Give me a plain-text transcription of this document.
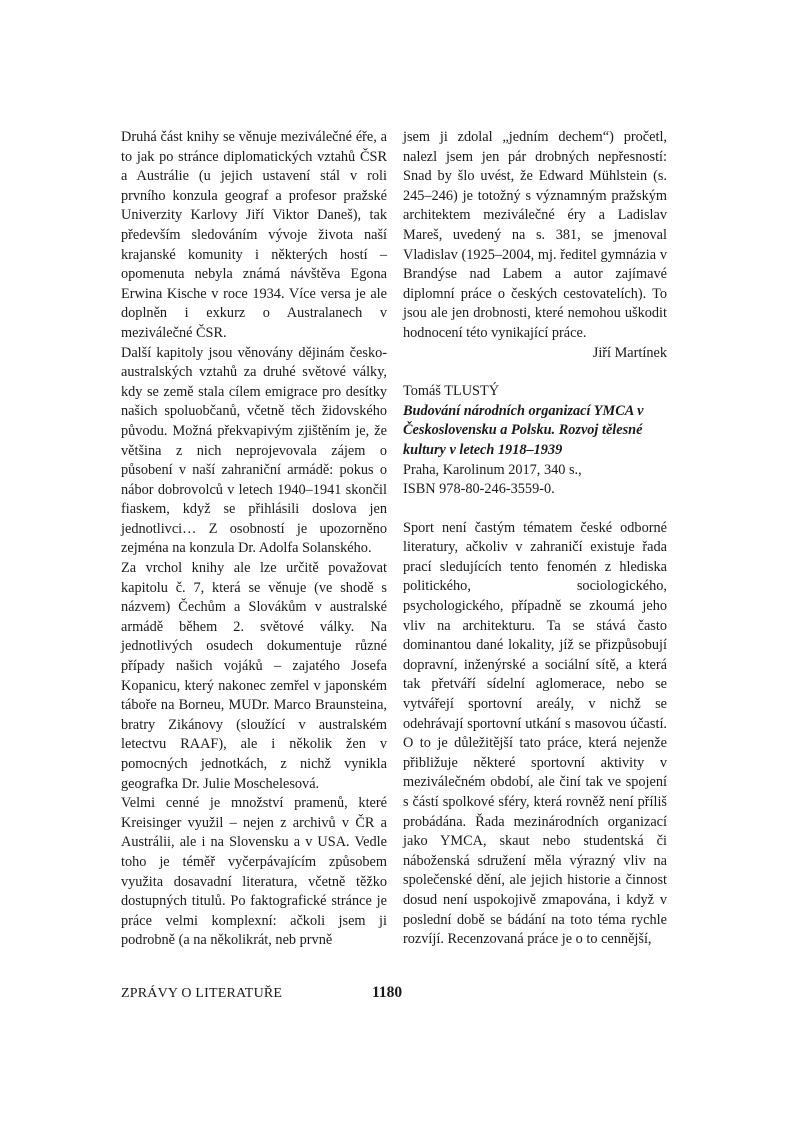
Druhá část knihy se věnuje meziválečné éře, a to jak po stránce diplomatických vztahů ČSR a Austrálie (u jejich ustavení stál v roli prvního konzula geograf a profesor pražské Univerzity Karlovy Jiří Viktor Daneš), tak především sledováním vývoje života naší krajanské komunity i některých hostí – opomenuta nebyla známá návštěva Egona Erwina Kische v roce 1934. Více versa je ale doplněn i exkurz o Australanech v meziválečné ČSR.

Další kapitoly jsou věnovány dějinám česko-australských vztahů za druhé světové války, kdy se země stala cílem emigrace pro desítky našich spoluobčanů, včetně těch židovského původu. Možná překvapivým zjištěním je, že většina z nich neprojevovala zájem o působení v naší zahraniční armádě: pokus o nábor dobrovolců v letech 1940–1941 skončil fiaskem, když se přihlásili doslova jen jednotlivci… Z osobností je upozorněno zejména na konzula Dr. Adolfa Solanského.

Za vrchol knihy ale lze určitě považovat kapitolu č. 7, která se věnuje (ve shodě s názvem) Čechům a Slovákům v australské armádě během 2. světové války. Na jednotlivých osudech dokumentuje různé případy našich vojáků – zajatého Josefa Kopanicu, který nakonec zemřel v japonském táboře na Borneu, MUDr. Marco Braunsteina, bratry Zikánovy (sloužící v australském letectvu RAAF), ale i několik žen v pomocných jednotkách, z nichž vynikla geografka Dr. Julie Moschelesová.

Velmi cenné je množství pramenů, které Kreisinger využil – nejen z archivů v ČR a Austrálii, ale i na Slovensku a v USA. Vedle toho je téměř vyčerpávajícím způsobem využita dosavadní literatura, včetně těžko dostupných titulů. Po faktografické stránce je práce velmi komplexní: ačkoli jsem ji podrobně (a na několikrát, neb prvně

jsem ji zdolal „jedním dechem“) pročetl, nalezl jsem jen pár drobných nepřesností: Snad by šlo uvést, že Edward Mühlstein (s. 245–246) je totožný s významným pražským architektem meziválečné éry a Ladislav Mareš, uvedený na s. 381, se jmenoval Vladislav (1925–2004, mj. ředitel gymnázia v Brandýse nad Labem a autor zajímavé diplomní práce o českých cestovatelích). To jsou ale jen drobnosti, které nemohou uškodit hodnocení této vynikající práce.

Jiří Martínek

Tomáš TLUSTÝ
Budování národních organizací YMCA v Československu a Polsku. Rozvoj tělesné kultury v letech 1918–1939
Praha, Karolinum 2017, 340 s.,
ISBN 978-80-246-3559-0.

Sport není častým tématem české odborné literatury, ačkoliv v zahraničí existuje řada prací sledujících tento fenomén z hlediska politického, sociologického, psychologického, případně se zkoumá jeho vliv na architekturu. Ta se stává často dominantou dané lokality, jíž se přizpůsobují dopravní, inženýrské a sociální sítě, a která tak přetváří sídelní aglomerace, nebo se vytvářejí sportovní areály, v nichž se odehrávají sportovní utkání s masovou účastí. O to je důležitější tato práce, která nejenže přibližuje některé sportovní aktivity v meziválečném období, ale činí tak ve spojení s částí spolkové sféry, která rovněž není příliš probádána. Řada mezinárodních organizací jako YMCA, skaut nebo studentská či náboženská sdružení měla výrazný vliv na společenské dění, ale jejich historie a činnost dosud není uspokojivě zmapována, i když v poslední době se bádání na toto téma rychle rozvíjí. Recenzovaná práce je o to cennější,

ZPRÁVY O LITERATUŘE	1180
